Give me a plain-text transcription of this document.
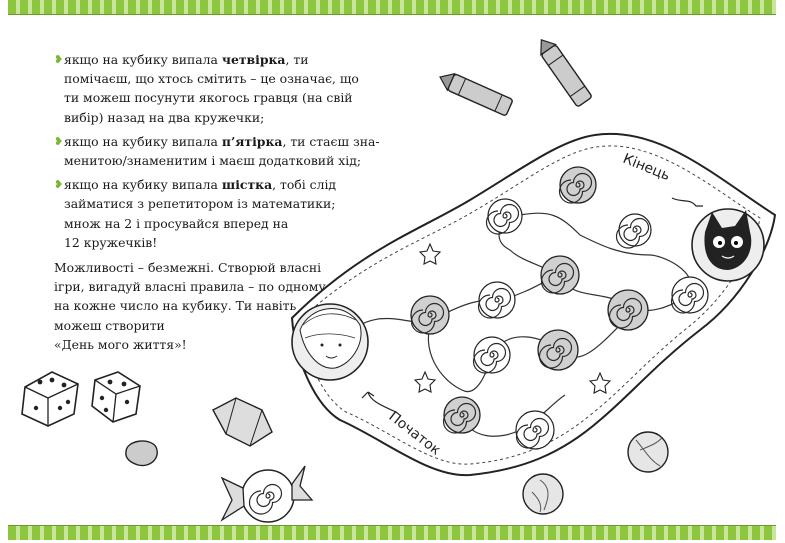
❥ якщо на кубику випала четвірка, ти
помічаєш, що хтось смітить – це означає, що
ти можеш посунути якогось гравця (на свій
вибір) назад на два кружечки;
❥ якщо на кубику випала п’ятірка, ти стаєш зна-
менитою/знаменитим і маєш додатковий хід;
❥ якщо на кубику випала шістка, тобі слід
займатися з репетитором із математики;
множ на 2 і просувайся вперед на
12 кружечків!
Можливості – безмежні. Створюй власні
ігри, вигадуй власні правила – по одному
на кожне число на кубику. Ти навіть
можеш створити
«День мого життя»!
Кінець
Початок
